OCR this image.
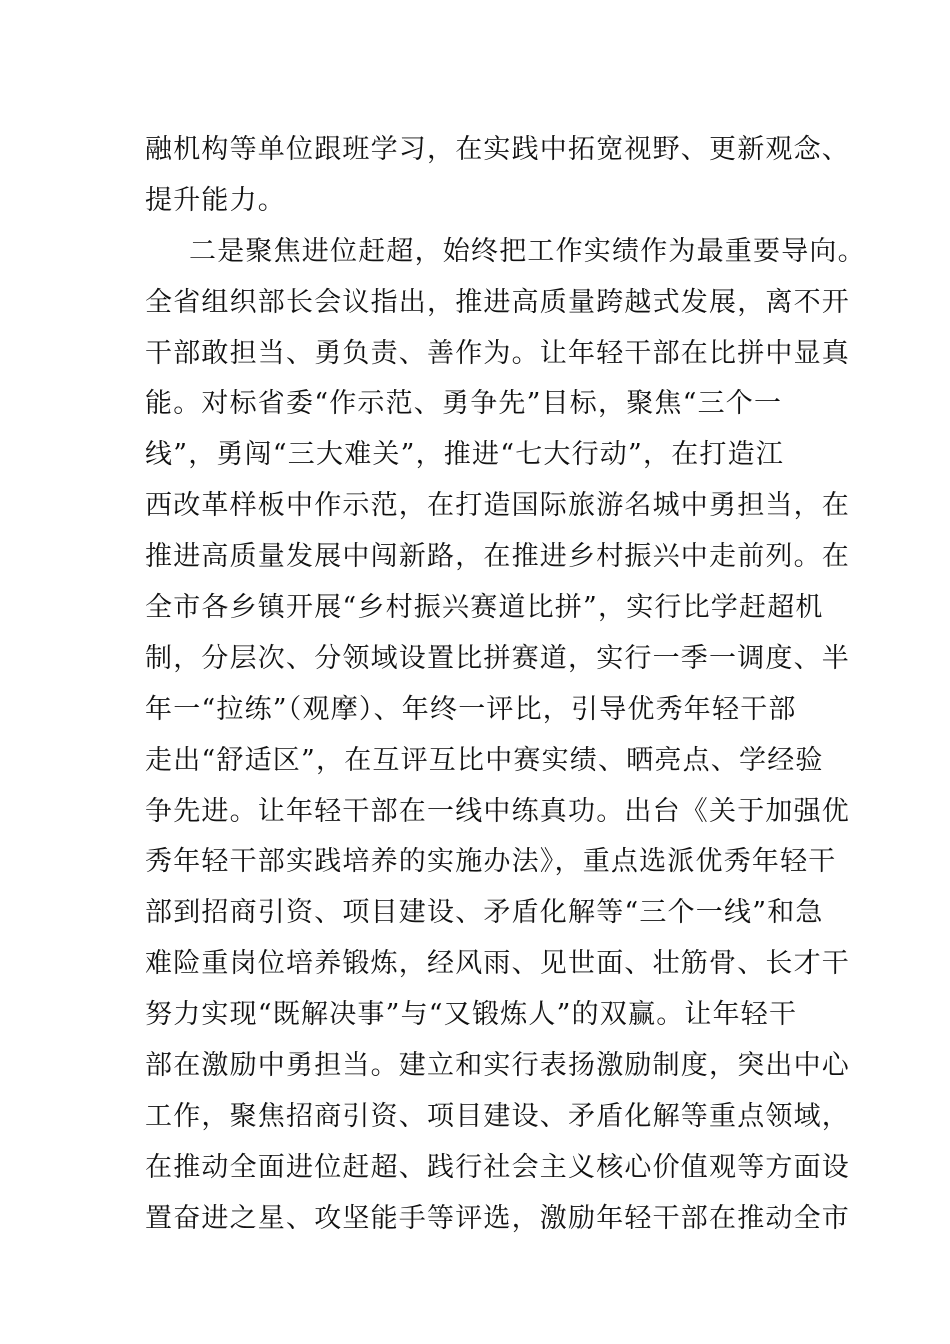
融机构等单位跟班学习，在实践中拓宽视野、更新观念、
提升能力。
二是聚焦进位赶超，始终把工作实绩作为最重要导向。
全省组织部长会议指出，推进高质量跨越式发展，离不开
干部敢担当、勇负责、善作为。让年轻干部在比拼中显真
能。对标省委“作示范、勇争先”目标，聚焦“三个一
线”，勇闯“三大难关”，推进“七大行动”，在打造江
西改革样板中作示范，在打造国际旅游名城中勇担当，在
推进高质量发展中闯新路，在推进乡村振兴中走前列。在
全市各乡镇开展“乡村振兴赛道比拼”，实行比学赶超机
制，分层次、分领域设置比拼赛道，实行一季一调度、半
年一“拉练”（观摩）、年终一评比，引导优秀年轻干部
走出“舒适区”，在互评互比中赛实绩、晒亮点、学经验
争先进。让年轻干部在一线中练真功。出台《关于加强优
秀年轻干部实践培养的实施办法》，重点选派优秀年轻干
部到招商引资、项目建设、矛盾化解等“三个一线”和急
难险重岗位培养锻炼，经风雨、见世面、壮筋骨、长才干
努力实现“既解决事”与“又锻炼人”的双赢。让年轻干
部在激励中勇担当。建立和实行表扬激励制度，突出中心
工作，聚焦招商引资、项目建设、矛盾化解等重点领域，
在推动全面进位赶超、践行社会主义核心价值观等方面设
置奋进之星、攻坚能手等评选，激励年轻干部在推动全市
